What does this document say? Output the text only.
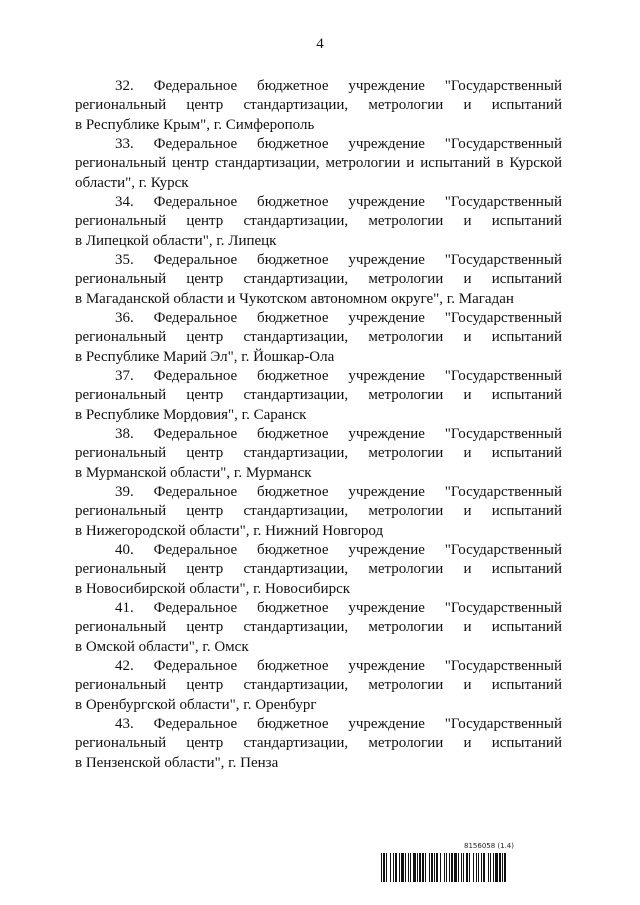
4

32. Федеральное бюджетное учреждение "Государственный
региональный центр стандартизации, метрологии и испытаний
в Республике Крым", г. Симферополь

33. Федеральное бюджетное учреждение "Государственный
региональный центр стандартизации, метрологии и испытаний в Курской
области", г. Курск

34. Федеральное бюджетное учреждение "Государственный
региональный центр стандартизации, метрологии и испытаний
в Липецкой области", г. Липецк

35. Федеральное бюджетное учреждение "Государственный
региональный центр стандартизации, метрологии и испытаний
в Магаданской области и Чукотском автономном округе", г. Магадан

36. Федеральное бюджетное учреждение "Государственный
региональный центр стандартизации, метрологии и испытаний
в Республике Марий Эл", г. Йошкар-Ола

37. Федеральное бюджетное учреждение "Государственный
региональный центр стандартизации, метрологии и испытаний
в Республике Мордовия", г. Саранск

38. Федеральное бюджетное учреждение "Государственный
региональный центр стандартизации, метрологии и испытаний
в Мурманской области", г. Мурманск

39. Федеральное бюджетное учреждение "Государственный
региональный центр стандартизации, метрологии и испытаний
в Нижегородской области", г. Нижний Новгород

40. Федеральное бюджетное учреждение "Государственный
региональный центр стандартизации, метрологии и испытаний
в Новосибирской области", г. Новосибирск

41. Федеральное бюджетное учреждение "Государственный
региональный центр стандартизации, метрологии и испытаний
в Омской области", г. Омск

42. Федеральное бюджетное учреждение "Государственный
региональный центр стандартизации, метрологии и испытаний
в Оренбургской области", г. Оренбург

43. Федеральное бюджетное учреждение "Государственный
региональный центр стандартизации, метрологии и испытаний
в Пензенской области", г. Пенза

8156058 (1.4)
